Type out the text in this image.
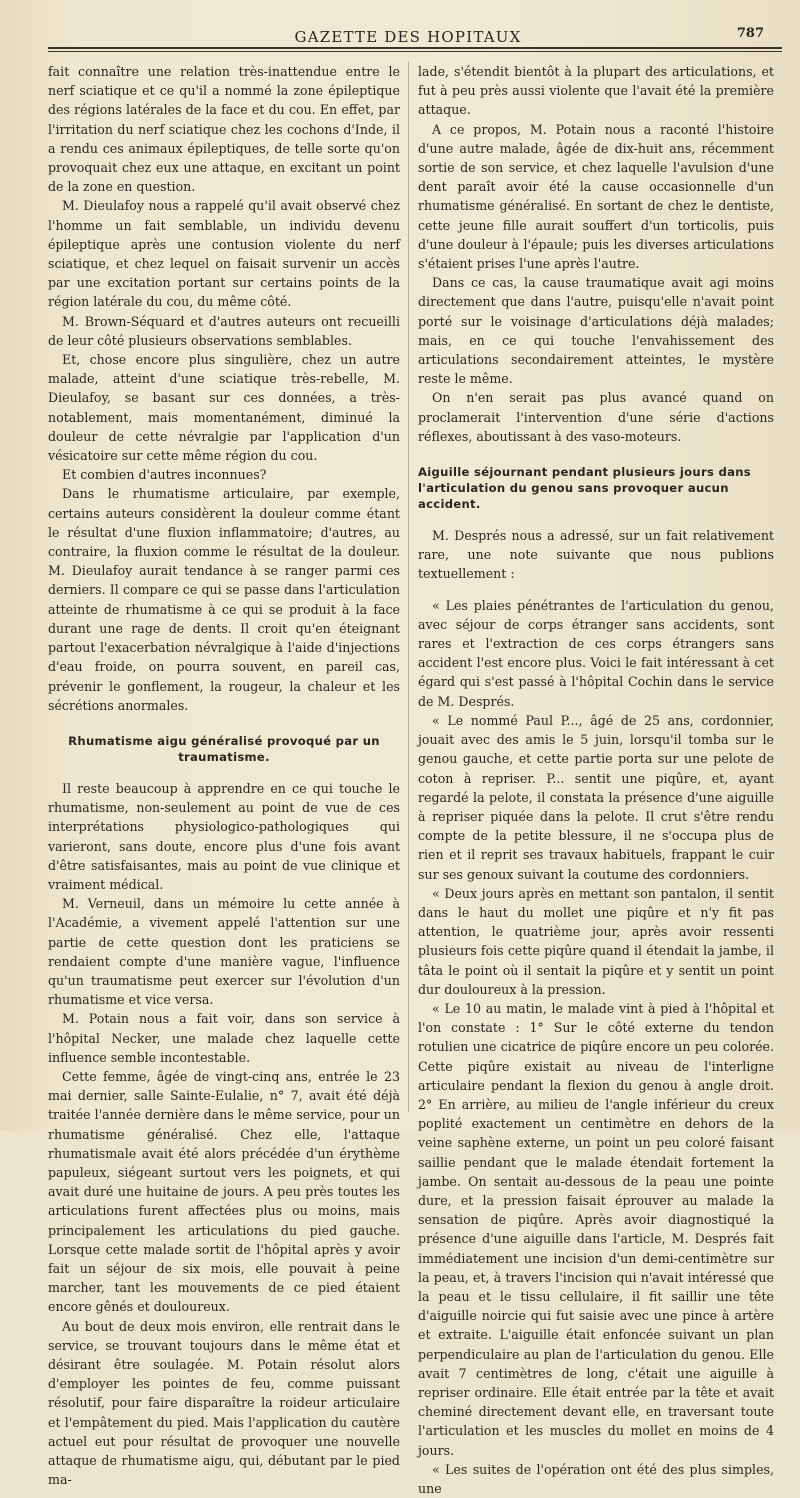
GAZETTE DES HOPITAUX	787

fait connaître une relation très-inattendue entre le nerf sciatique et ce qu'il a nommé la zone épileptique des régions latérales de la face et du cou. En effet, par l'irritation du nerf sciatique chez les cochons d'Inde, il a rendu ces animaux épileptiques, de telle sorte qu'on provoquait chez eux une attaque, en excitant un point de la zone en question.

M. Dieulafoy nous a rappelé qu'il avait observé chez l'homme un fait semblable, un individu devenu épileptique après une contusion violente du nerf sciatique, et chez lequel on faisait survenir un accès par une excitation portant sur certains points de la région latérale du cou, du même côté.

M. Brown-Séquard et d'autres auteurs ont recueilli de leur côté plusieurs observations semblables.

Et, chose encore plus singulière, chez un autre malade, atteint d'une sciatique très-rebelle, M. Dieulafoy, se basant sur ces données, a très-notablement, mais momentanément, diminué la douleur de cette névralgie par l'application d'un vésicatoire sur cette même région du cou.

Et combien d'autres inconnues?

Dans le rhumatisme articulaire, par exemple, certains auteurs considèrent la douleur comme étant le résultat d'une fluxion inflammatoire; d'autres, au contraire, la fluxion comme le résultat de la douleur. M. Dieulafoy aurait tendance à se ranger parmi ces derniers. Il compare ce qui se passe dans l'articulation atteinte de rhumatisme à ce qui se produit à la face durant une rage de dents. Il croit qu'en éteignant partout l'exacerbation névralgique à l'aide d'injections d'eau froide, on pourra souvent, en pareil cas, prévenir le gonflement, la rougeur, la chaleur et les sécrétions anormales.

Rhumatisme aigu généralisé provoqué par un traumatisme.

Il reste beaucoup à apprendre en ce qui touche le rhumatisme, non-seulement au point de vue de ces interprétations physiologico-pathologiques qui varieront, sans doute, encore plus d'une fois avant d'être satisfaisantes, mais au point de vue clinique et vraiment médical.

M. Verneuil, dans un mémoire lu cette année à l'Académie, a vivement appelé l'attention sur une partie de cette question dont les praticiens se rendaient compte d'une manière vague, l'influence qu'un traumatisme peut exercer sur l'évolution d'un rhumatisme et vice versa.

M. Potain nous a fait voir, dans son service à l'hôpital Necker, une malade chez laquelle cette influence semble incontestable.

Cette femme, âgée de vingt-cinq ans, entrée le 23 mai dernier, salle Sainte-Eulalie, n° 7, avait été déjà traitée l'année dernière dans le même service, pour un rhumatisme généralisé. Chez elle, l'attaque rhumatismale avait été alors précédée d'un érythème papuleux, siégeant surtout vers les poignets, et qui avait duré une huitaine de jours. A peu près toutes les articulations furent affectées plus ou moins, mais principalement les articulations du pied gauche. Lorsque cette malade sortit de l'hôpital après y avoir fait un séjour de six mois, elle pouvait à peine marcher, tant les mouvements de ce pied étaient encore gênés et douloureux.

Au bout de deux mois environ, elle rentrait dans le service, se trouvant toujours dans le même état et désirant être soulagée. M. Potain résolut alors d'employer les pointes de feu, comme puissant résolutif, pour faire disparaître la roideur articulaire et l'empâtement du pied. Mais l'application du cautère actuel eut pour résultat de provoquer une nouvelle attaque de rhumatisme aigu, qui, débutant par le pied ma-

lade, s'étendit bientôt à la plupart des articulations, et fut à peu près aussi violente que l'avait été la première attaque.

A ce propos, M. Potain nous a raconté l'histoire d'une autre malade, âgée de dix-huit ans, récemment sortie de son service, et chez laquelle l'avulsion d'une dent paraît avoir été la cause occasionnelle d'un rhumatisme généralisé. En sortant de chez le dentiste, cette jeune fille aurait souffert d'un torticolis, puis d'une douleur à l'épaule; puis les diverses articulations s'étaient prises l'une après l'autre.

Dans ce cas, la cause traumatique avait agi moins directement que dans l'autre, puisqu'elle n'avait point porté sur le voisinage d'articulations déjà malades; mais, en ce qui touche l'envahissement des articulations secondairement atteintes, le mystère reste le même.

On n'en serait pas plus avancé quand on proclamerait l'intervention d'une série d'actions réflexes, aboutissant à des vaso-moteurs.

Aiguille séjournant pendant plusieurs jours dans l'articulation du genou sans provoquer aucun accident.

M. Després nous a adressé, sur un fait relativement rare, une note suivante que nous publions textuellement :

« Les plaies pénétrantes de l'articulation du genou, avec séjour de corps étranger sans accidents, sont rares et l'extraction de ces corps étrangers sans accident l'est encore plus. Voici le fait intéressant à cet égard qui s'est passé à l'hôpital Cochin dans le service de M. Després.

« Le nommé Paul P..., âgé de 25 ans, cordonnier, jouait avec des amis le 5 juin, lorsqu'il tomba sur le genou gauche, et cette partie porta sur une pelote de coton à repriser. P... sentit une piqûre, et, ayant regardé la pelote, il constata la présence d'une aiguille à repriser piquée dans la pelote. Il crut s'être rendu compte de la petite blessure, il ne s'occupa plus de rien et il reprit ses travaux habituels, frappant le cuir sur ses genoux suivant la coutume des cordonniers.

« Deux jours après en mettant son pantalon, il sentit dans le haut du mollet une piqûre et n'y fit pas attention, le quatrième jour, après avoir ressenti plusieurs fois cette piqûre quand il étendait la jambe, il tâta le point où il sentait la piqûre et y sentit un point dur douloureux à la pression.

« Le 10 au matin, le malade vint à pied à l'hôpital et l'on constate : 1° Sur le côté externe du tendon rotulien une cicatrice de piqûre encore un peu colorée. Cette piqûre existait au niveau de l'interligne articulaire pendant la flexion du genou à angle droit. 2° En arrière, au milieu de l'angle inférieur du creux poplité exactement un centimètre en dehors de la veine saphène externe, un point un peu coloré faisant saillie pendant que le malade étendait fortement la jambe. On sentait au-dessous de la peau une pointe dure, et la pression faisait éprouver au malade la sensation de piqûre. Après avoir diagnostiqué la présence d'une aiguille dans l'article, M. Després fait immédiatement une incision d'un demi-centimètre sur la peau, et, à travers l'incision qui n'avait intéressé que la peau et le tissu cellulaire, il fit saillir une tête d'aiguille noircie qui fut saisie avec une pince à artère et extraite. L'aiguille était enfoncée suivant un plan perpendiculaire au plan de l'articulation du genou. Elle avait 7 centimètres de long, c'était une aiguille à repriser ordinaire. Elle était entrée par la tête et avait cheminé directement devant elle, en traversant toute l'articulation et les muscles du mollet en moins de 4 jours.

« Les suites de l'opération ont été des plus simples, une
